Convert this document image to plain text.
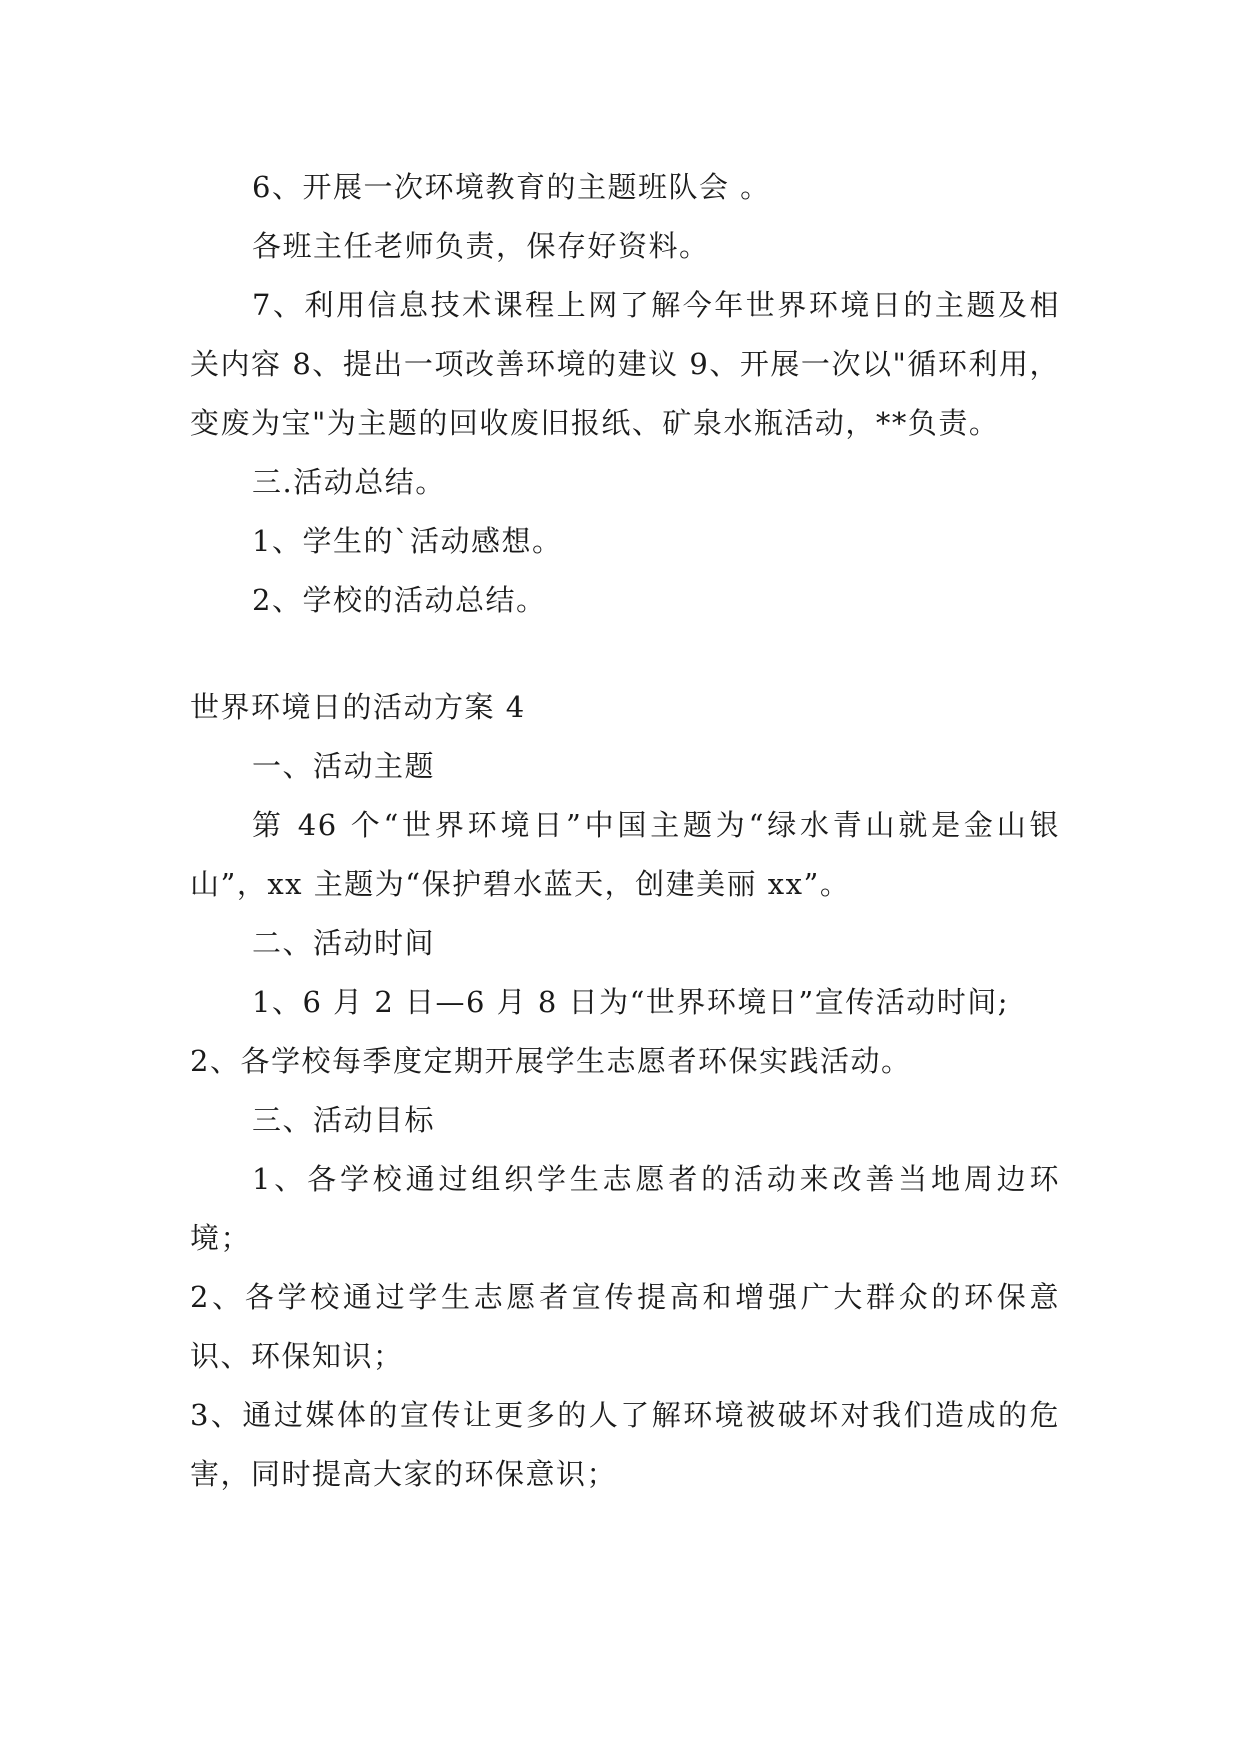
6、开展一次环境教育的主题班队会 。

各班主任老师负责，保存好资料。

7、利用信息技术课程上网了解今年世界环境日的主题及相关内容 8、提出一项改善环境的建议 9、开展一次以"循环利用，变废为宝"为主题的回收废旧报纸、矿泉水瓶活动，**负责。

三.活动总结。

1、学生的`活动感想。

2、学校的活动总结。

世界环境日的活动方案 4

一、活动主题

第 46 个“世界环境日”中国主题为“绿水青山就是金山银山”，xx 主题为“保护碧水蓝天，创建美丽 xx”。

二、活动时间

1、6 月 2 日—6 月 8 日为“世界环境日”宣传活动时间;

2、各学校每季度定期开展学生志愿者环保实践活动。

三、活动目标

1、各学校通过组织学生志愿者的活动来改善当地周边环境；

2、各学校通过学生志愿者宣传提高和增强广大群众的环保意识、环保知识；

3、通过媒体的宣传让更多的人了解环境被破坏对我们造成的危害，同时提高大家的环保意识；
